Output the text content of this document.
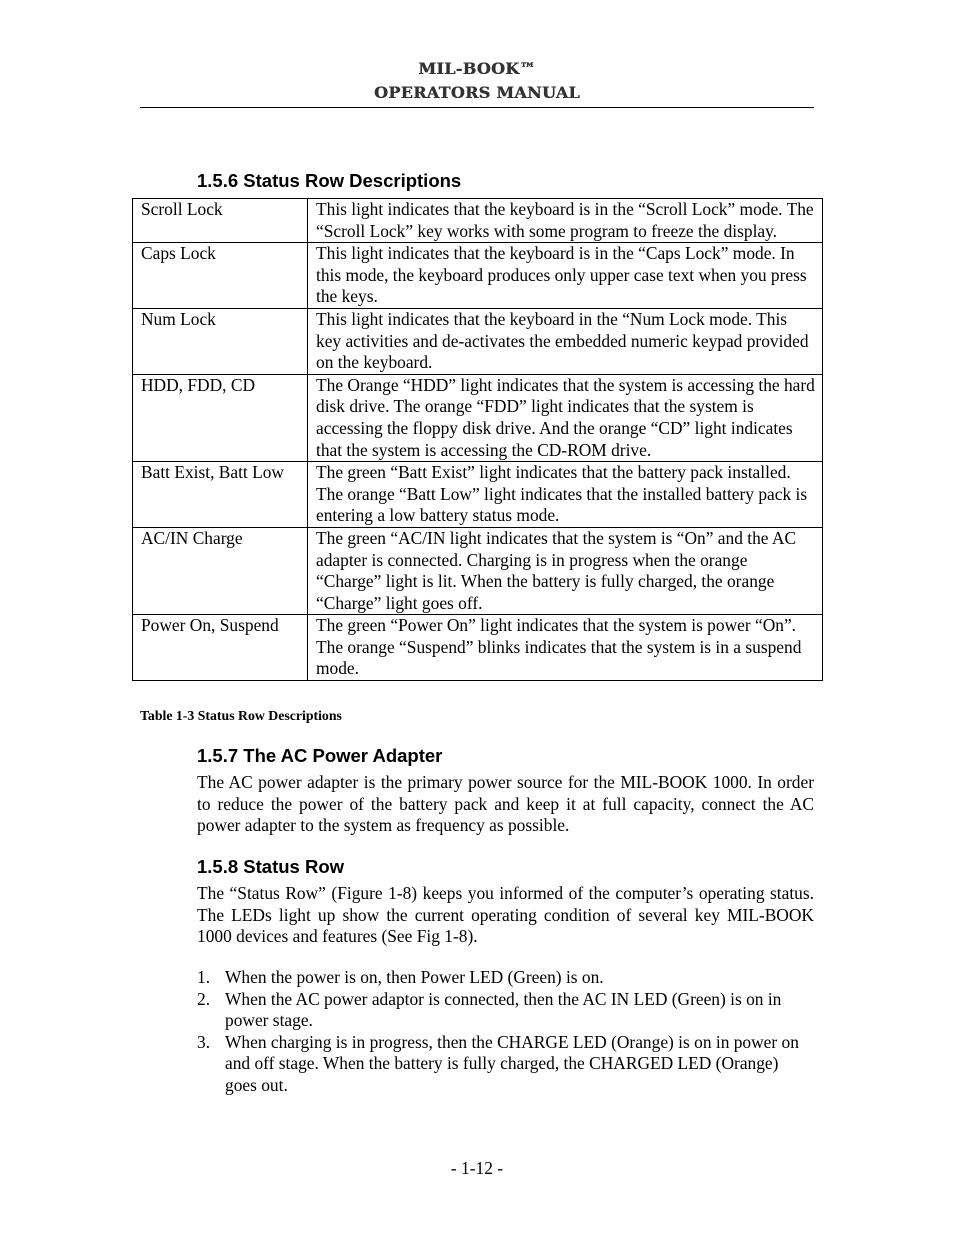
MIL-BOOK™
OPERATORS MANUAL
1.5.6 Status Row Descriptions
Scroll Lock	This light indicates that the keyboard is in the “Scroll Lock” mode. The “Scroll Lock” key works with some program to freeze the display.
Caps Lock	This light indicates that the keyboard is in the “Caps Lock” mode. In this mode, the keyboard produces only upper case text when you press the keys.
Num Lock	This light indicates that the keyboard in the “Num Lock mode. This key activities and de-activates the embedded numeric keypad provided on the keyboard.
HDD, FDD, CD	The Orange “HDD” light indicates that the system is accessing the hard disk drive. The orange “FDD” light indicates that the system is accessing the floppy disk drive. And the orange “CD” light indicates that the system is accessing the CD-ROM drive.
Batt Exist, Batt Low	The green “Batt Exist” light indicates that the battery pack installed. The orange “Batt Low” light indicates that the installed battery pack is entering a low battery status mode.
AC/IN Charge	The green “AC/IN light indicates that the system is “On” and the AC adapter is connected. Charging is in progress when the orange “Charge” light is lit. When the battery is fully charged, the orange “Charge” light goes off.
Power On, Suspend	The green “Power On” light indicates that the system is power “On”. The orange “Suspend” blinks indicates that the system is in a suspend mode.
Table 1-3 Status Row Descriptions
1.5.7 The AC Power Adapter
The AC power adapter is the primary power source for the MIL-BOOK 1000. In order to reduce the power of the battery pack and keep it at full capacity, connect the AC power adapter to the system as frequency as possible.
1.5.8 Status Row
The “Status Row” (Figure 1-8) keeps you informed of the computer’s operating status. The LEDs light up show the current operating condition of several key MIL-BOOK 1000 devices and features (See Fig 1-8).
1. When the power is on, then Power LED (Green) is on.
2. When the AC power adaptor is connected, then the AC IN LED (Green) is on in power stage.
3. When charging is in progress, then the CHARGE LED (Orange) is on in power on and off stage. When the battery is fully charged, the CHARGED LED (Orange) goes out.
- 1-12 -
